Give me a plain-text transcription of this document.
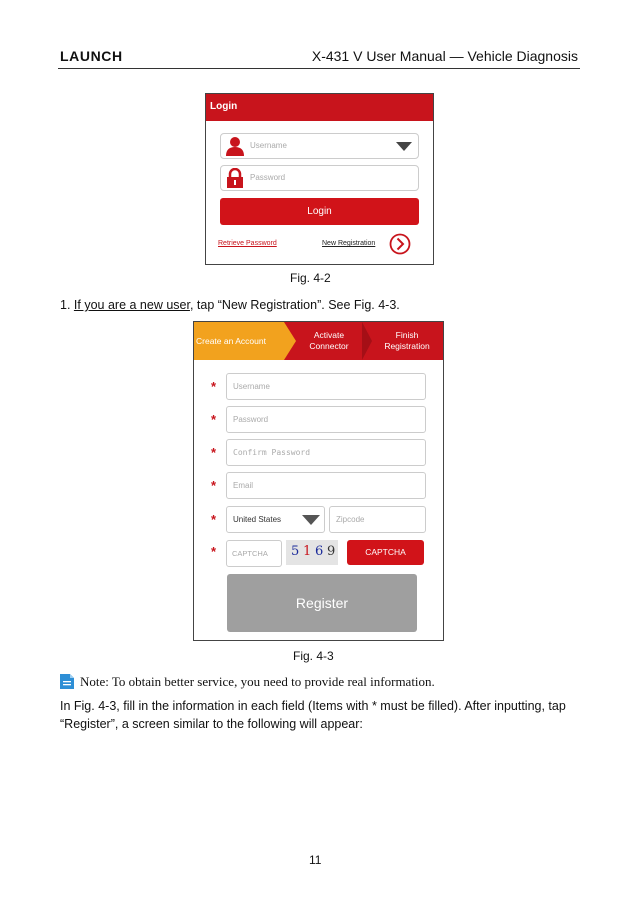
LAUNCH	X-431 V User Manual — Vehicle Diagnosis
Login
Username
Password
Login
Retrieve Password	New Registration
Fig. 4-2
1. If you are a new user, tap “New Registration”. See Fig. 4-3.
Create an Account
Activate
Connector
Finish
Registration
* Username
* Password
* Confirm Password
* Email
* United States	Zipcode
* CAPTCHA 5 1 6 9	CAPTCHA
Register
Fig. 4-3
Note: To obtain better service, you need to provide real information.
In Fig. 4-3, fill in the information in each field (Items with * must be filled). After inputting, tap “Register”, a screen similar to the following will appear:
11
